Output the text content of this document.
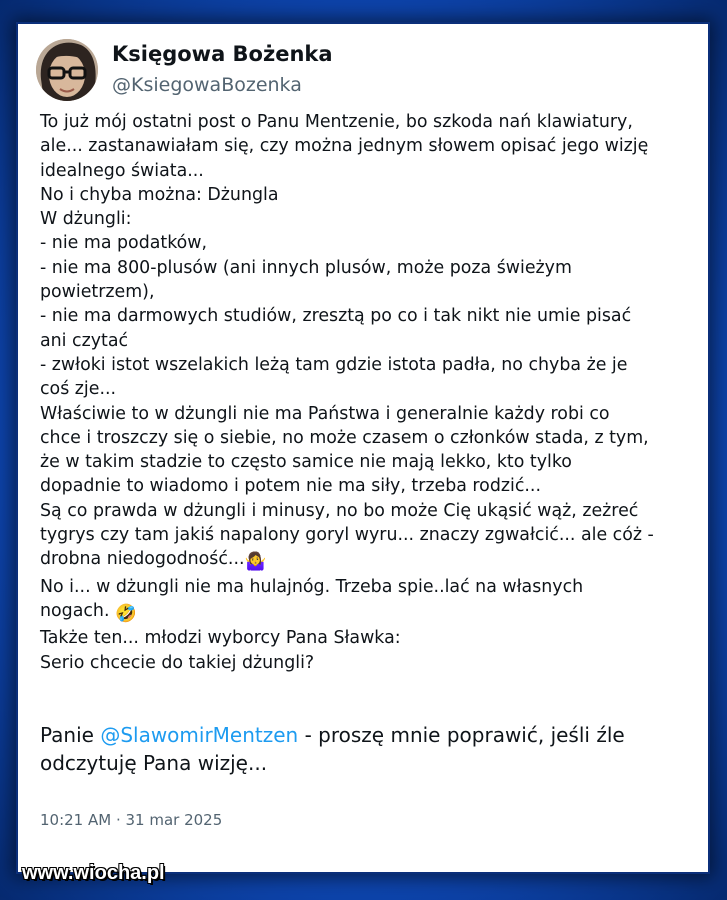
Księgowa Bożenka
@KsiegowaBozenka

To już mój ostatni post o Panu Mentzenie, bo szkoda nań klawiatury,

ale... zastanawiałam się, czy można jednym słowem opisać jego wizję

idealnego świata...

No i chyba można: Dżungla

W dżungli:

- nie ma podatków,

- nie ma 800-plusów (ani innych plusów, może poza świeżym

powietrzem),

- nie ma darmowych studiów, zresztą po co i tak nikt nie umie pisać

ani czytać

- zwłoki istot wszelakich leżą tam gdzie istota padła, no chyba że je

coś zje...

Właściwie to w dżungli nie ma Państwa i generalnie każdy robi co

chce i troszczy się o siebie, no może czasem o członków stada, z tym,

że w takim stadzie to często samice nie mają lekko, kto tylko

dopadnie to wiadomo i potem nie ma siły, trzeba rodzić...

Są co prawda w dżungli i minusy, no bo może Cię ukąsić wąż, zeżreć

tygrys czy tam jakiś napalony goryl wyru... znaczy zgwałcić... ale cóż -

drobna niedogodność...🤷‍♀️

No i... w dżungli nie ma hulajnóg. Trzeba spie..lać na własnych

nogach. 🤣

Także ten... młodzi wyborcy Pana Sławka:

Serio chcecie do takiej dżungli?

Panie @SlawomirMentzen - proszę mnie poprawić, jeśli źle
odczytuję Pana wizję...
10:21 AM · 31 mar 2025
www.wiocha.pl
